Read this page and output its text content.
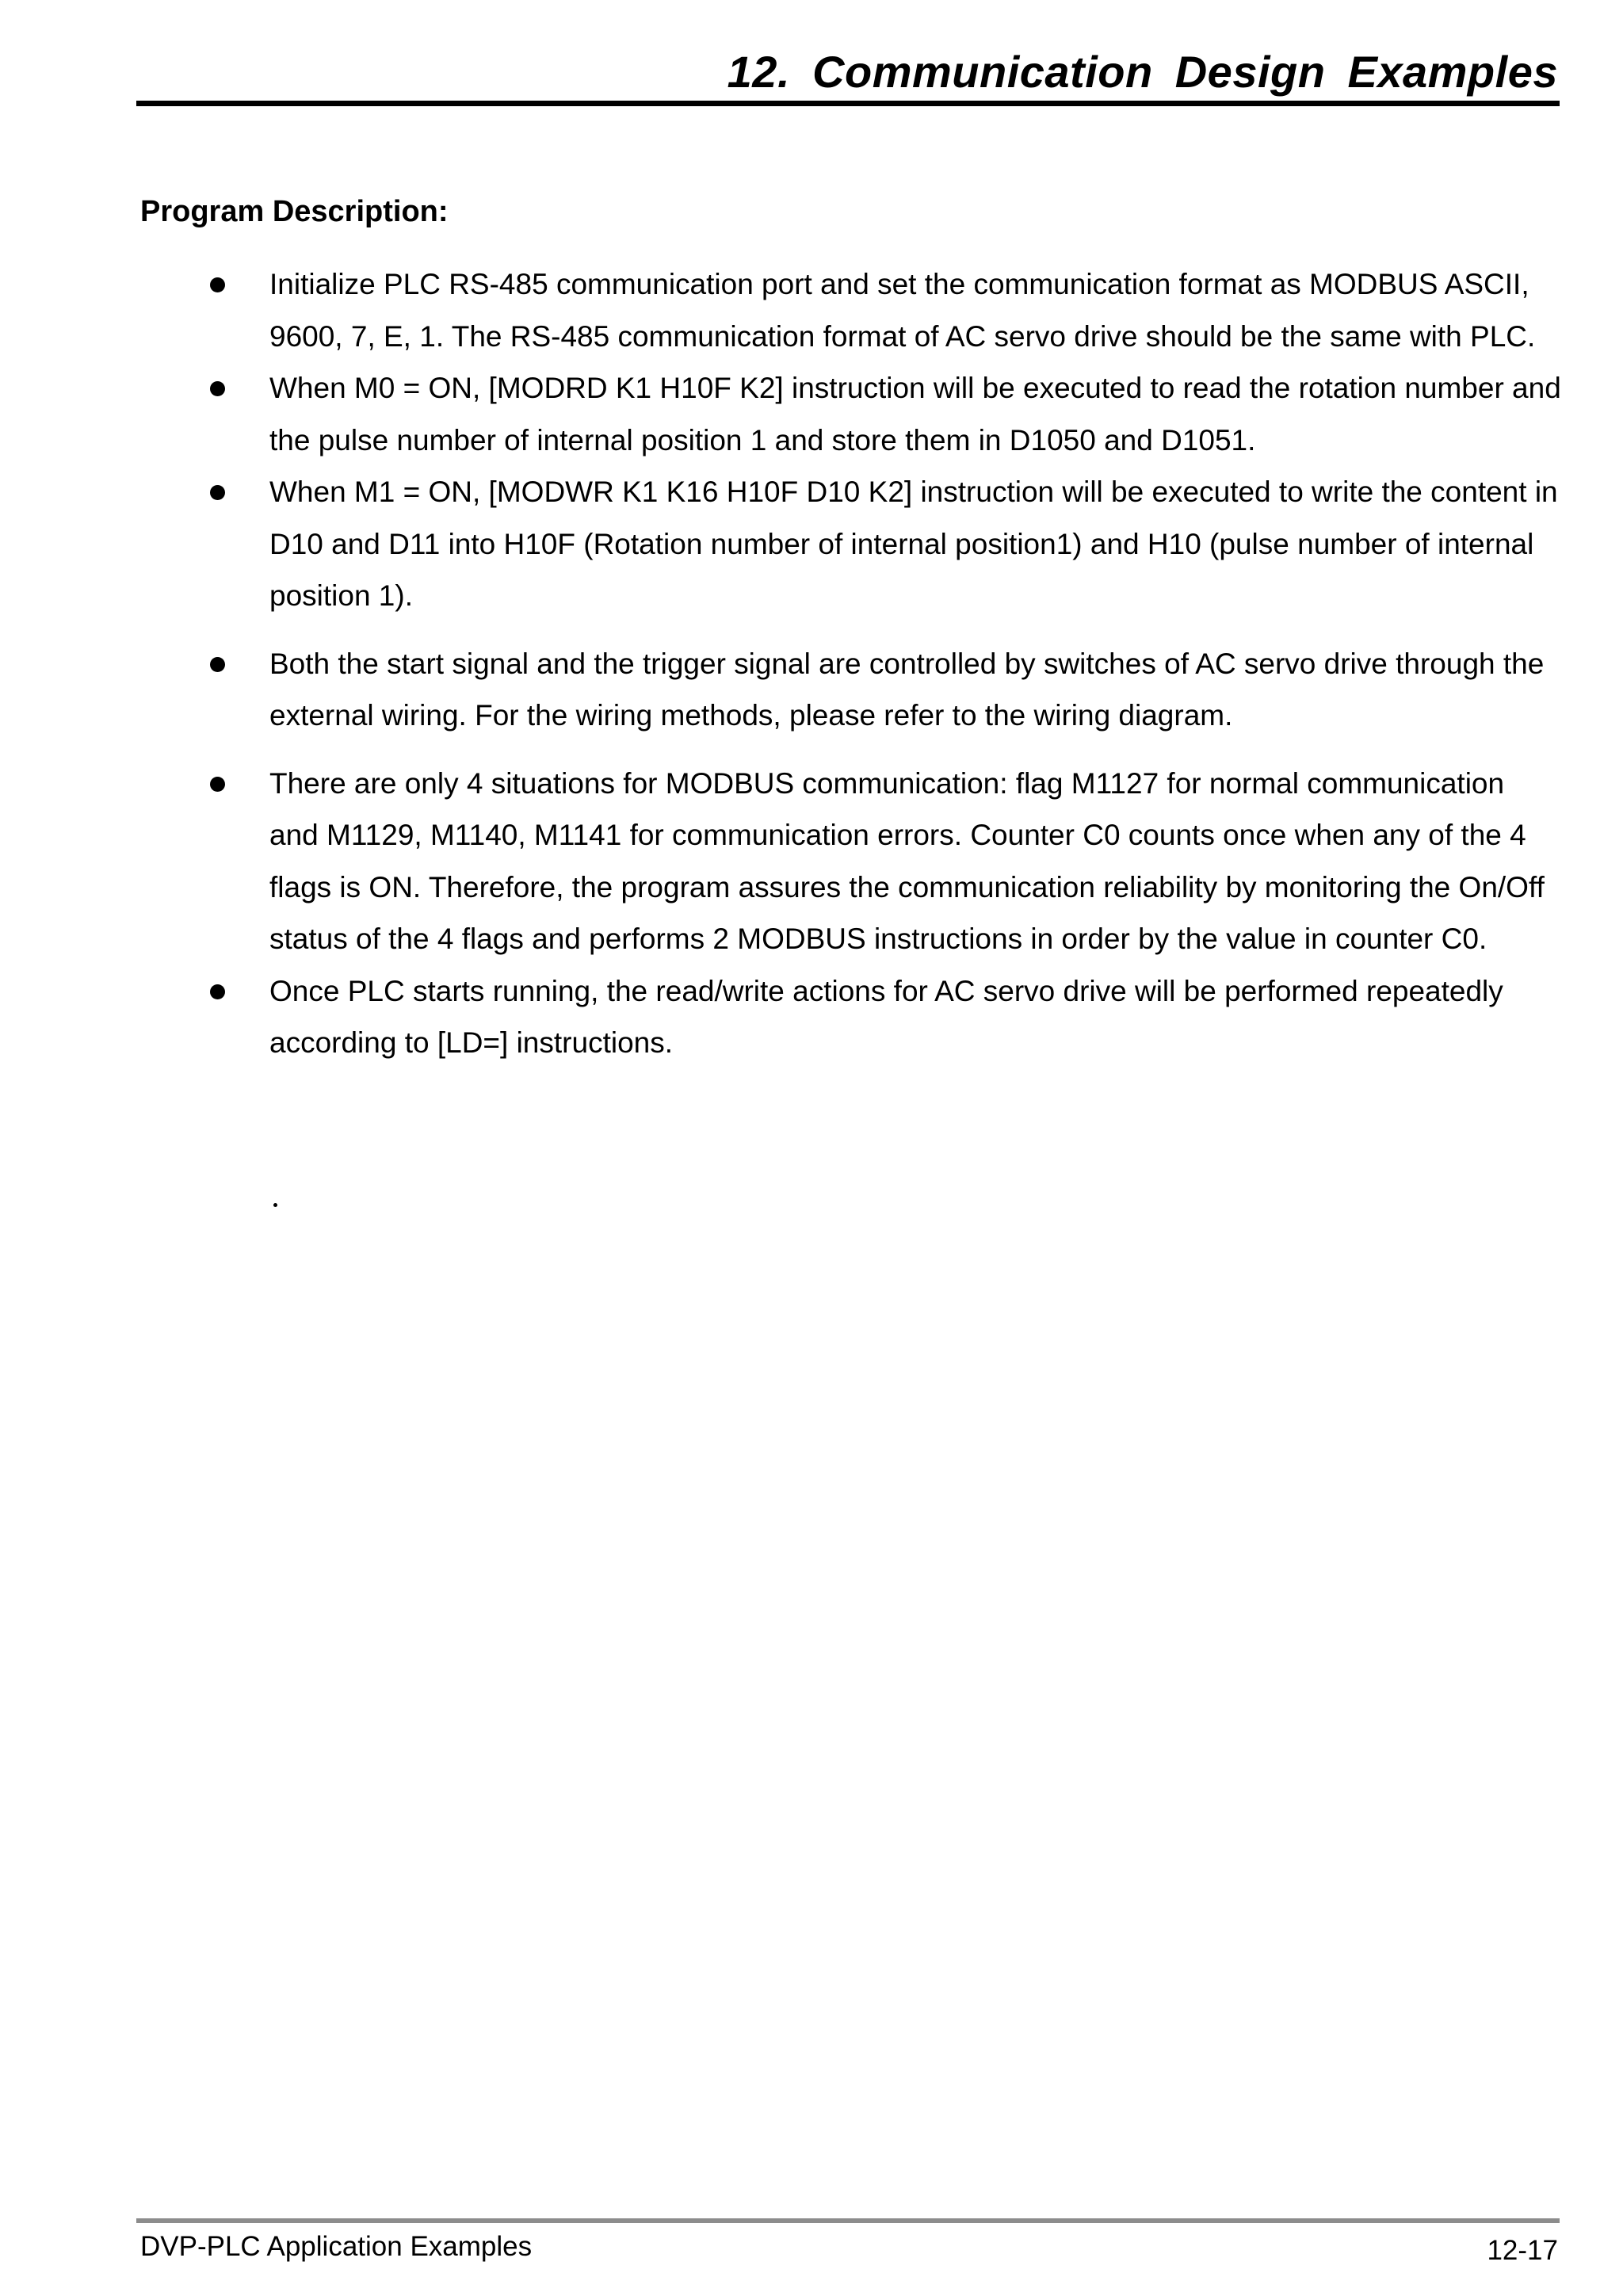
12. Communication Design Examples
Program Description:
Initialize PLC RS-485 communication port and set the communication format as MODBUS ASCII, 9600, 7, E, 1. The RS-485 communication format of AC servo drive should be the same with PLC.
When M0 = ON, [MODRD K1 H10F K2] instruction will be executed to read the rotation number and the pulse number of internal position 1 and store them in D1050 and D1051.
When M1 = ON, [MODWR K1 K16 H10F D10 K2] instruction will be executed to write the content in D10 and D11 into H10F (Rotation number of internal position1) and H10 (pulse number of internal position 1).
Both the start signal and the trigger signal are controlled by switches of AC servo drive through the external wiring. For the wiring methods, please refer to the wiring diagram.
There are only 4 situations for MODBUS communication: flag M1127 for normal communication and M1129, M1140, M1141 for communication errors. Counter C0 counts once when any of the 4 flags is ON. Therefore, the program assures the communication reliability by monitoring the On/Off status of the 4 flags and performs 2 MODBUS instructions in order by the value in counter C0.
Once PLC starts running, the read/write actions for AC servo drive will be performed repeatedly according to [LD=] instructions.
DVP-PLC Application Examples	12-17
